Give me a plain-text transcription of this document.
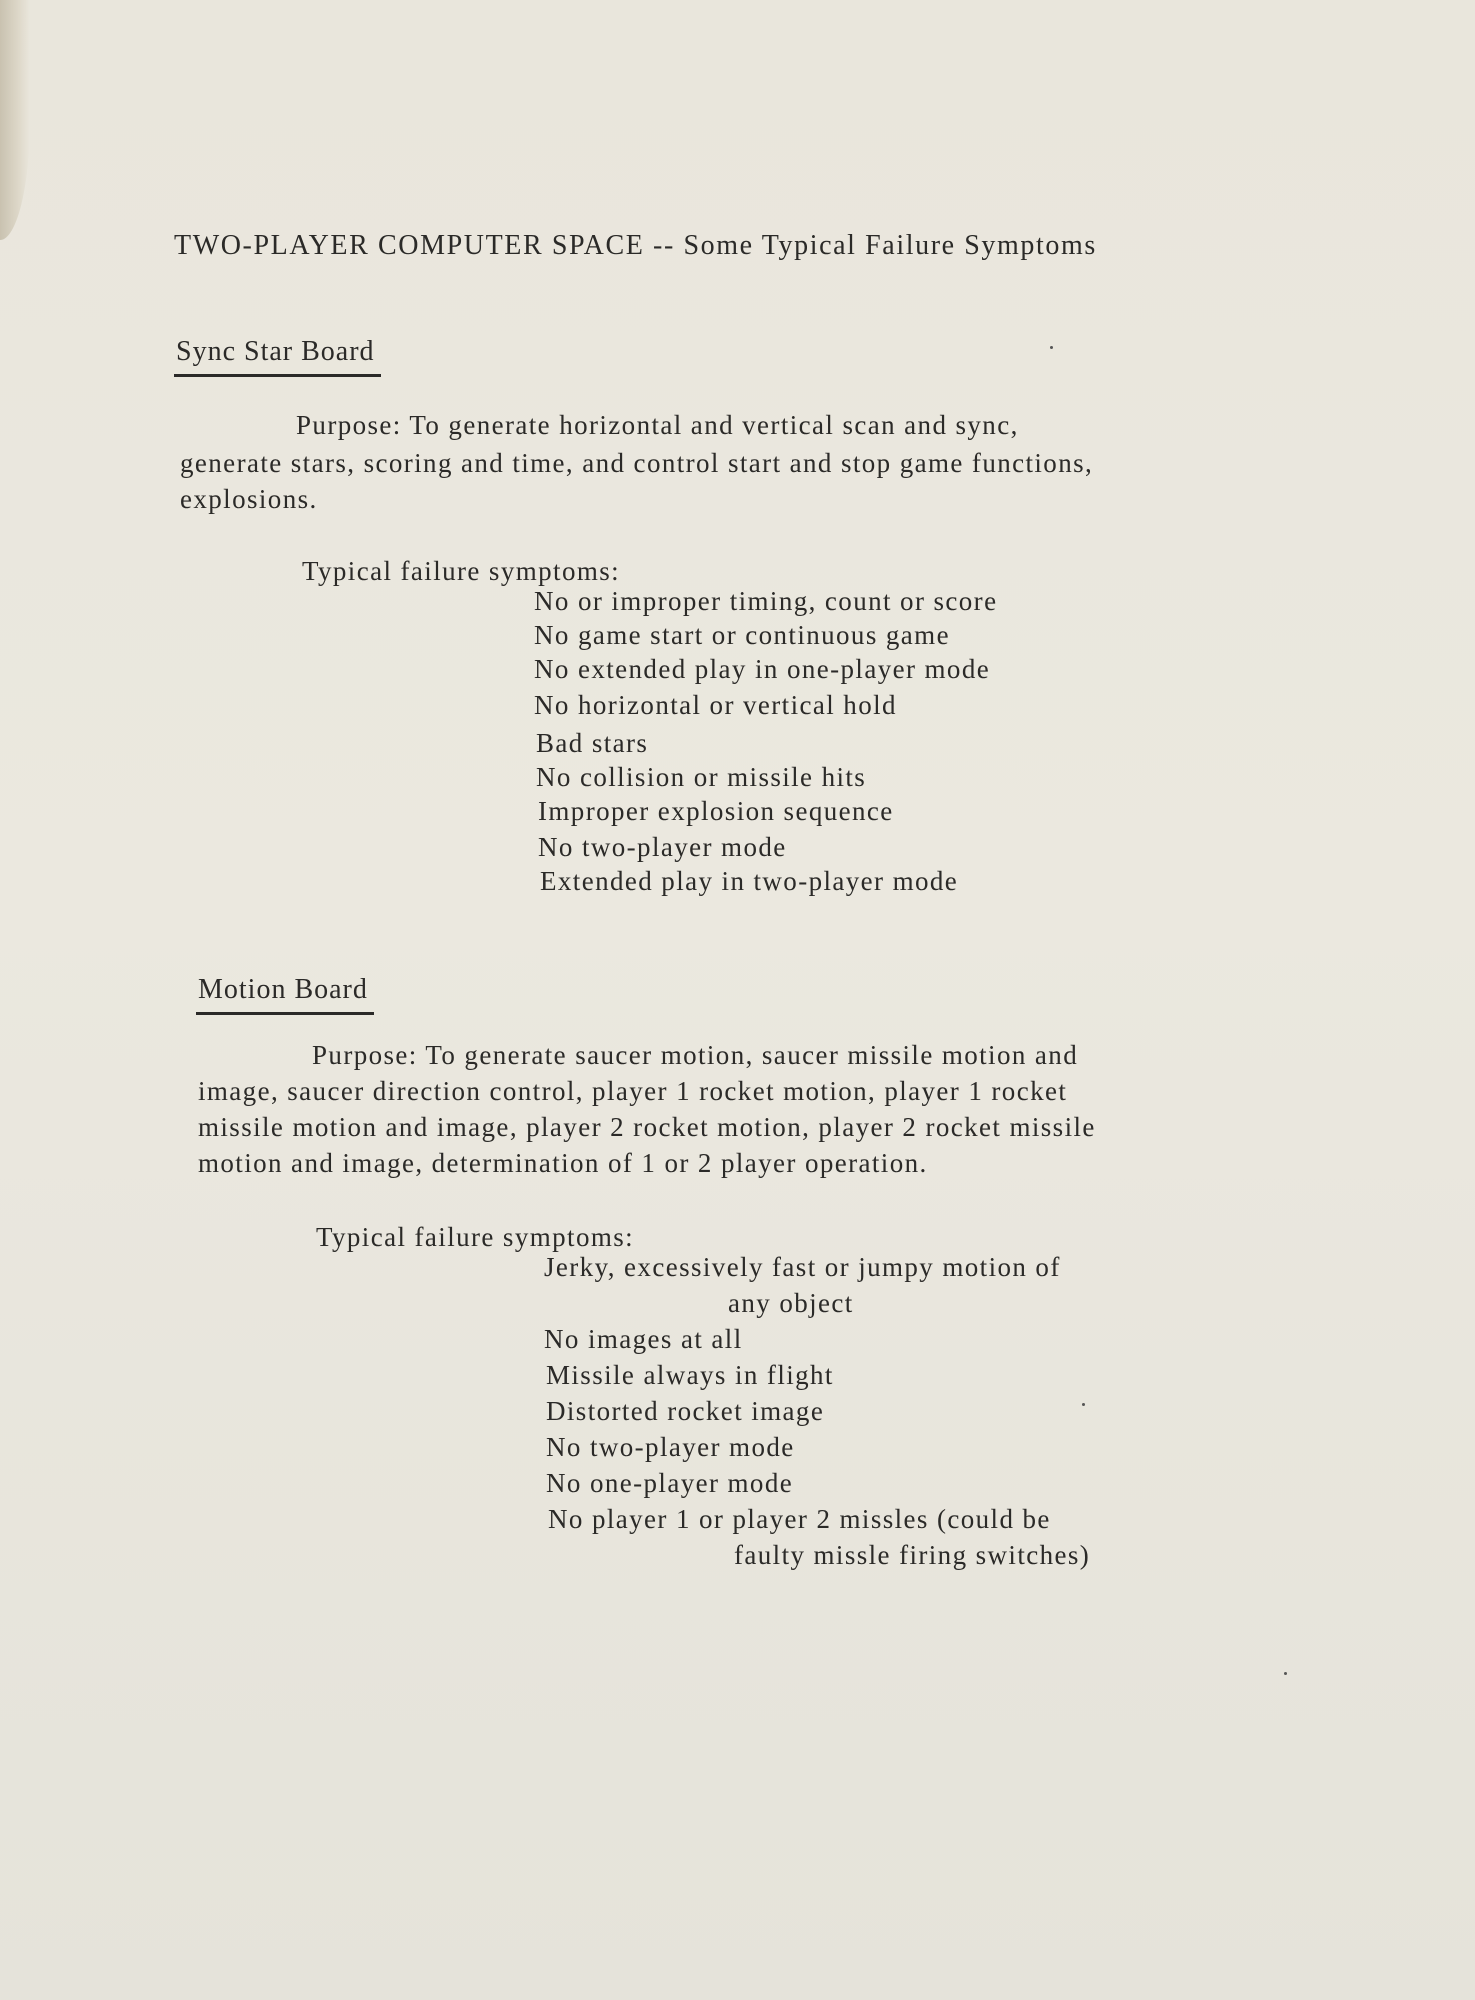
TWO-PLAYER COMPUTER SPACE -- Some Typical Failure Symptoms
Sync Star Board
Purpose: To generate horizontal and vertical scan and sync,
generate stars, scoring and time, and control start and stop game functions,
explosions.
Typical failure symptoms:
No or improper timing, count or score
No game start or continuous game
No extended play in one-player mode
No horizontal or vertical hold
Bad stars
No collision or missile hits
Improper explosion sequence
No two-player mode
Extended play in two-player mode
Motion Board
Purpose: To generate saucer motion, saucer missile motion and
image, saucer direction control, player 1 rocket motion, player 1 rocket
missile motion and image, player 2 rocket motion, player 2 rocket missile
motion and image, determination of 1 or 2 player operation.
Typical failure symptoms:
Jerky, excessively fast or jumpy motion of
any object
No images at all
Missile always in flight
Distorted rocket image
No two-player mode
No one-player mode
No player 1 or player 2 missles (could be
faulty missle firing switches)
